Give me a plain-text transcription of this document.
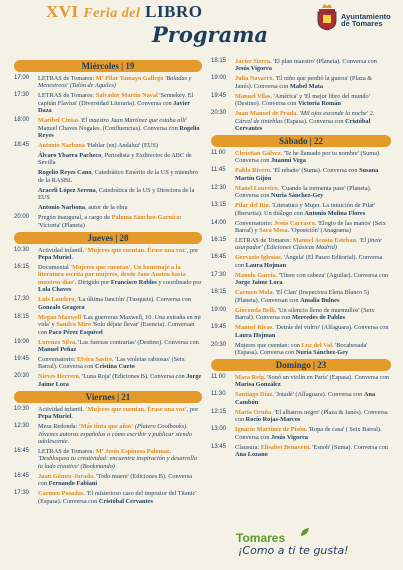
XVI Feria del LIBRO
Programa
Ayuntamiento
de Tomares
Miércoles | 19
17:00	LETRAS de Tomares: Mª Pilar Tamayo Gallego 'Baladas y Menestreos' (Talón de Aquiles)
17:30	LETRAS de Tomares: Salvador Martín Naval 'Sennekey. El capitán Flavius' (Diversidad Literaria). Conversa con Javier Daza
18:00	Maribel Cintas 'El maestro Juan Martínez que estaba allí' Manuel Chaves Nogales. (Confluencias). Conversa con Rogelio Reyes
18:45	Antonio Narbona 'Hablar (en) Andaluz' (EUS)
Álvaro Ybarra Pacheco, Periodista y Exdirector de ABC de Sevilla
Rogelio Reyes Cano, Catedrático Emérito de la US y miembro de la RASBL
Araceli López Serena, Catedrática de la US y Directora de la EUS
Antonio Narbona, autor de la obra
20:00	Pregón inaugural, a cargo de Paloma Sánchez-Garnica: 'Victoria' (Planeta)
Jueves | 20
10:30	Actividad infantil. 'Mujeres que cuentan. Érase una voz', por Pepa Muriel.
16:15	Documental 'Mujeres que cuentan'. Un homenaje a la literatura escrita por mujeres, desde Jane Austen hasta nuestros días'. Dirigido por Francisco Robles y coordinado por Lola Chaves
17:30	Luis Landero, 'La última función' (Tusquets). Conversa con Gonzalo Gragera
18:15	Megan Maxwell 'Las guerreras Maxwell, 10. Una extraña en mi vida' y Sandra Miró 'Solo déjate llevar' (Esencia). Conversan con Paco Pérez Esquivel
19:00	Lorenzo Silva. 'Las fuerzas contrarias' (Destino). Conversa con Manuel Peñaz
19:45	Conversatorio: Elvira Sastre. 'Las violetas rabiosas' (Seix Barral). Conversa con Cristina Cueto
20:30	Nieves Herrero. 'Luna Roja' (Ediciones B). Conversa con Jorge Jaime Lora
Viernes | 21
10:30	Actividad infantil. 'Mujeres que cuentan. Érase una voz', por Pepa Muriel.
12:30	Mesa Redonda: 'Más tinta que años' (Platero Coolbooks). Jóvenes autoras españolas o cómo escribir y publicar siendo adolescente.
16:45	LETRAS de Tomares: Mª Jesús Espinosa Palomar. 'Desbloquea tu creatividad: encuentra inspiración y desarrolla tu lado creativo' (Bookmundo)
16:45	Juan Gómez-Jurado. 'Todo muere' (Ediciones B). Conversa con Fernando Fabiani
17:30	Carmen Posadas. 'El misterioso caso del impostor del Titanic' (Espasa). Conversa con Cristóbal Cervantes
18:15	Javier Sierra. 'El plan maestro' (Planeta). Conversa con Jesús Vigorra
19:00	Julia Navarro. 'El niño que perdió la guerra' (Plaza & Janés). Conversa con Mabel Mata
19:45	Manuel Vilas. 'América' y 'El mejor libro del mundo' (Destino). Conversa con Victoria Román
20:30	Juan Manuel de Prada. 'Mil ojos esconde la noche' 2. Cárcel de tinieblas (Espasa). Conversa con Cristóbal Cervantes
Sábado | 22
11:00	Christian Gálvez. 'Te he llamado por tu nombre' (Suma). Conversa con Juanmi Vega
11:45	Pablo Rivero. 'El rebaño' (Suma). Conversa con Susana Martín Gijón
12:30	Manel Loureiro. 'Cuando la tormenta pase' (Planeta). Conversa con Nuria Sánchez-Gey
13:15	Pilar del Río. 'Literatura y Mujer. La intuición de Pilar' (Iberurtia). Un diálogo con Antonio Molina Flores
14:00	Conversatorio: Jesús Carrasco. 'Elogio de las manos' (Seix Barral) y Sara Mesa. 'Oposición' (Anagrama)
16:15	LETRAS de Tomares: Manuel Acosta Esteban. 'El jinete usurpador' (Ediciones Clásicas Madrid)
16:45	Gervasio Iglesias. 'Ángela' (El Paseo Editorial). Conversa con Laura Hojman
17:30	Manolo García. 'Títere con cabeza' (Aguilar). Conversa con Jorge Jaime Lora
18:15	Carmen Mola. 'El Clan' (Inspectora Elena Blanco 5) (Planeta). Conversan con Amalia Bulnes
19:00	Gioconda Belli. 'Un silencio lleno de murmullos' (Seix Barral). Conversa con Mercedes de Pablos
19:45	Manuel Rivas. 'Detrás del vidrio' (Alfaguara). Conversa con Laura Hojman
20:30	Mujeres que cuentan: con Luz del Val. 'Bocabesada' (Espasa). Conversa con Nuria Sánchez-Gey
Domingo | 23
11:00	Mara Reig. 'Sonó un violín en París' (Espasa). Conversa con Marisa González
11:30	Santiago Díaz. 'Jotadé' (Alfaguara). Conversa con Ana Cambón
12:15	María Oruña. 'El albatros negro' (Plaza & Janés). Conversa con Rocío Rojas-Marcos
13:00	Ignacio Martínez de Pisón. 'Ropa de casa' ( Seix Barral). Conversa con Jesús Vigorra
13:45	Clausura: Elisabet Benavent. 'Esnob' (Suma). Conversa con Ana Lozano
Tomares
¡Como a ti te gusta!
